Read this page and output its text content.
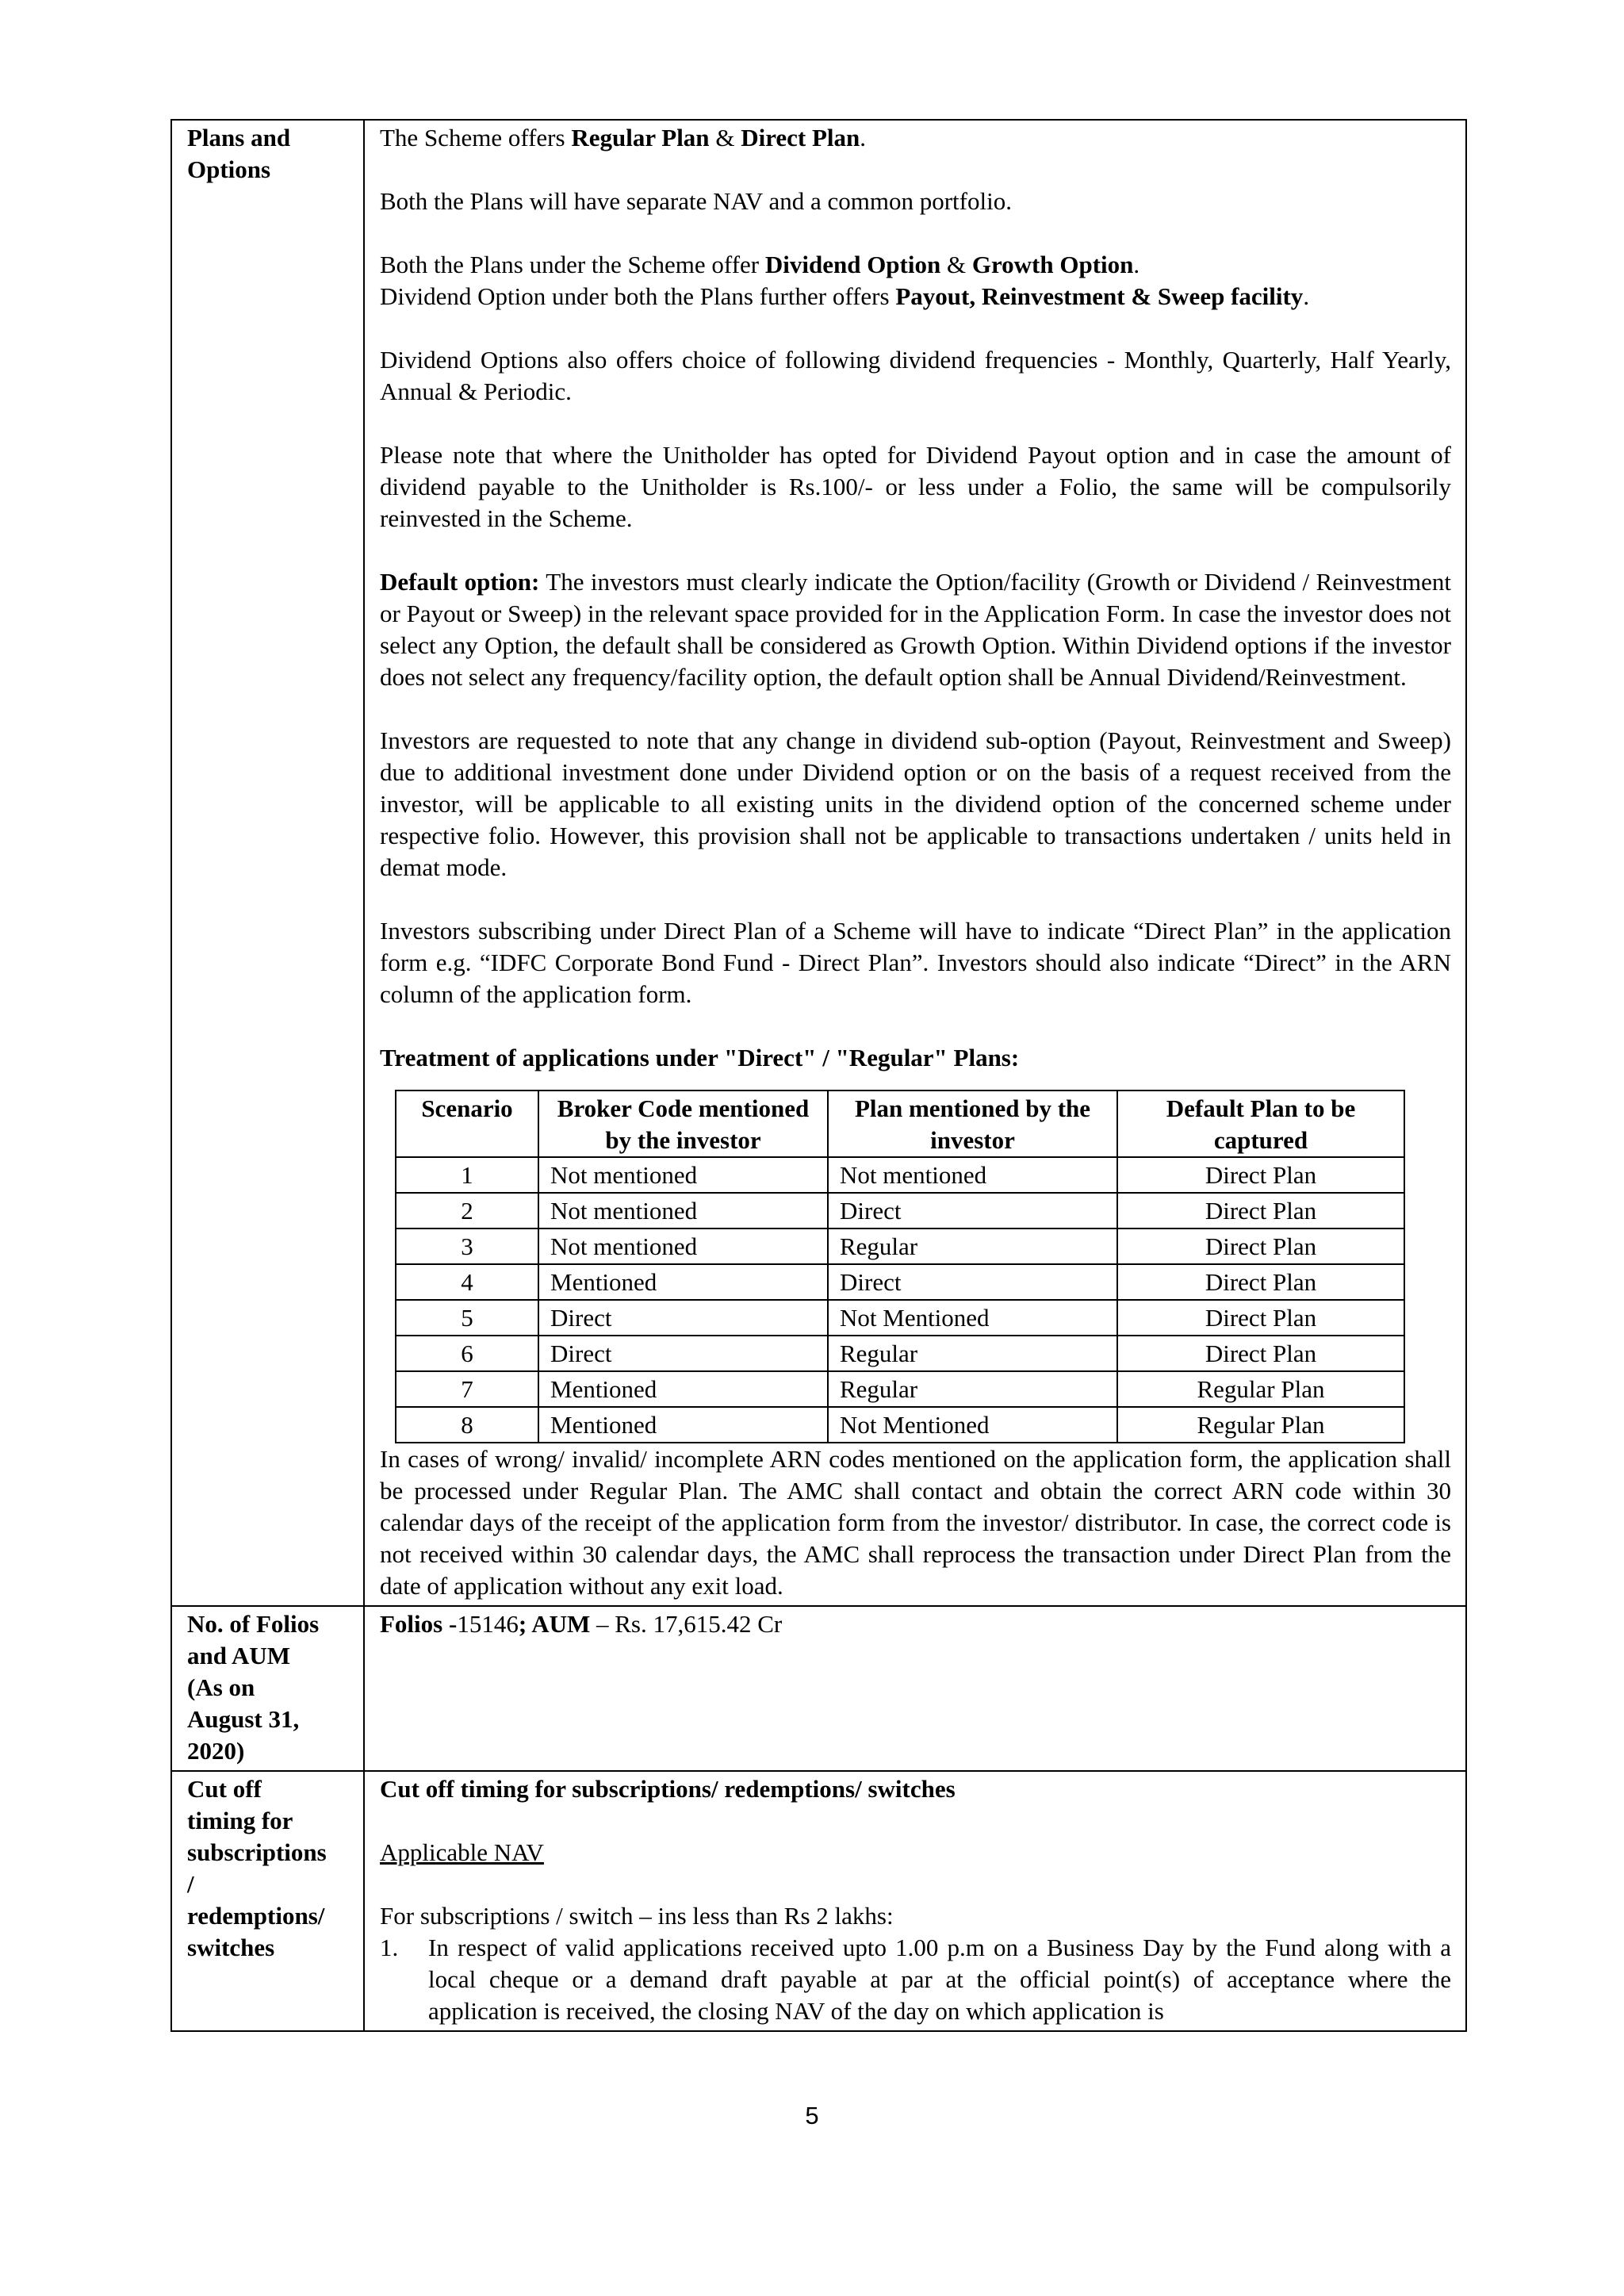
Plans and Options	

The Scheme offers Regular Plan & Direct Plan.

Both the Plans will have separate NAV and a common portfolio.

Both the Plans under the Scheme offer Dividend Option & Growth Option.

Dividend Option under both the Plans further offers Payout, Reinvestment & Sweep facility.

Dividend Options also offers choice of following dividend frequencies - Monthly, Quarterly, Half Yearly, Annual & Periodic.

Please note that where the Unitholder has opted for Dividend Payout option and in case the amount of dividend payable to the Unitholder is Rs.100/- or less under a Folio, the same will be compulsorily reinvested in the Scheme.

Default option: The investors must clearly indicate the Option/facility (Growth or Dividend / Reinvestment or Payout or Sweep) in the relevant space provided for in the Application Form. In case the investor does not select any Option, the default shall be considered as Growth Option. Within Dividend options if the investor does not select any frequency/facility option, the default option shall be Annual Dividend/Reinvestment.

Investors are requested to note that any change in dividend sub-option (Payout, Reinvestment and Sweep) due to additional investment done under Dividend option or on the basis of a request received from the investor, will be applicable to all existing units in the dividend option of the concerned scheme under respective folio. However, this provision shall not be applicable to transactions undertaken / units held in demat mode.

Investors subscribing under Direct Plan of a Scheme will have to indicate “Direct Plan” in the application form e.g. “IDFC Corporate Bond Fund - Direct Plan”. Investors should also indicate “Direct” in the ARN column of the application form.

Treatment of applications under "Direct" / "Regular" Plans:

Scenario	Broker Code mentioned by the investor	Plan mentioned by the investor	Default Plan to be captured
1	Not mentioned	Not mentioned	Direct Plan
2	Not mentioned	Direct	Direct Plan
3	Not mentioned	Regular	Direct Plan
4	Mentioned	Direct	Direct Plan
5	Direct	Not Mentioned	Direct Plan
6	Direct	Regular	Direct Plan
7	Mentioned	Regular	Regular Plan
8	Mentioned	Not Mentioned	Regular Plan

In cases of wrong/ invalid/ incomplete ARN codes mentioned on the application form, the application shall be processed under Regular Plan. The AMC shall contact and obtain the correct ARN code within 30 calendar days of the receipt of the application form from the investor/ distributor. In case, the correct code is not received within 30 calendar days, the AMC shall reprocess the transaction under Direct Plan from the date of application without any exit load.

No. of Folios
and AUM
(As on
August 31,
2020)

Folios -15146; AUM – Rs. 17,615.42 Cr

Cut off
timing for
subscriptions
/
redemptions/
switches

Cut off timing for subscriptions/ redemptions/ switches

Applicable NAV

For subscriptions / switch – ins less than Rs 2 lakhs:

1.	In respect of valid applications received upto 1.00 p.m on a Business Day by the Fund along with a local cheque or a demand draft payable at par at the official point(s) of acceptance where the application is received, the closing NAV of the day on which application is
5
